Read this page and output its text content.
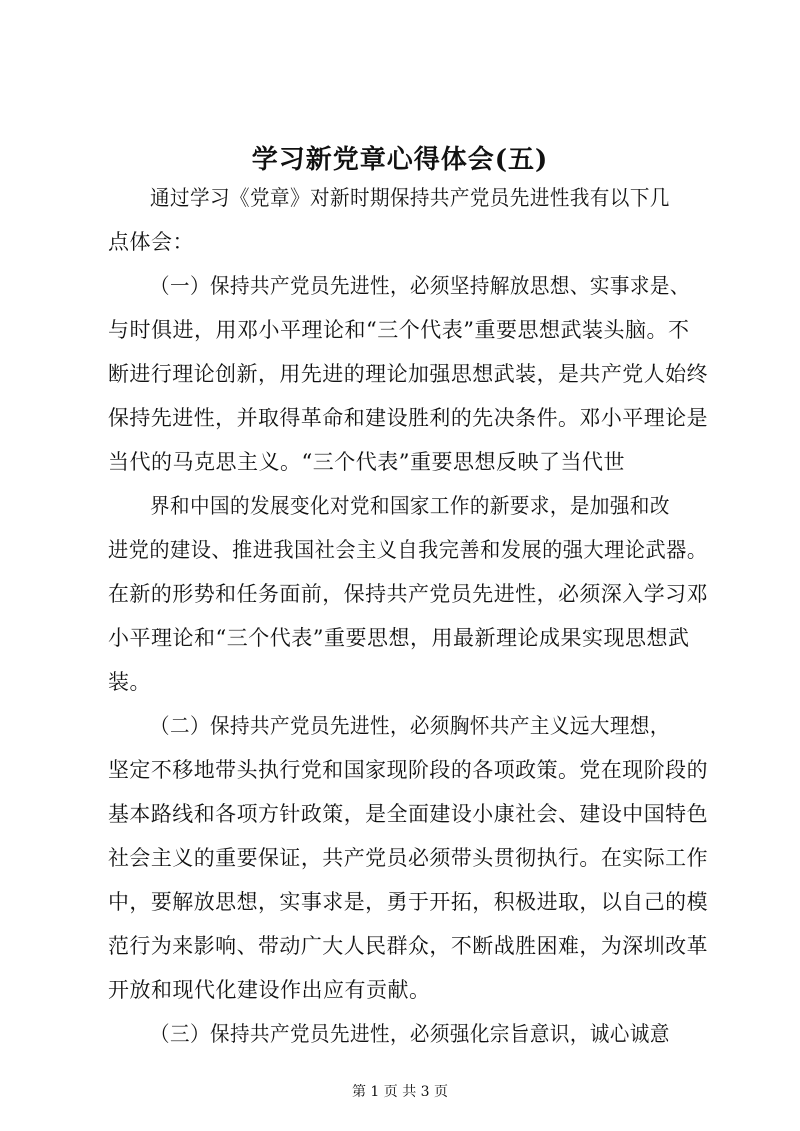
学习新党章心得体会(五)
通过学习《党章》对新时期保持共产党员先进性我有以下几
点体会：
（一）保持共产党员先进性，必须坚持解放思想、实事求是、
与时俱进，用邓小平理论和“三个代表”重要思想武装头脑。不
断进行理论创新，用先进的理论加强思想武装，是共产党人始终
保持先进性，并取得革命和建设胜利的先决条件。邓小平理论是
当代的马克思主义。“三个代表”重要思想反映了当代世
界和中国的发展变化对党和国家工作的新要求，是加强和改
进党的建设、推进我国社会主义自我完善和发展的强大理论武器。
在新的形势和任务面前，保持共产党员先进性，必须深入学习邓
小平理论和“三个代表”重要思想，用最新理论成果实现思想武
装。
（二）保持共产党员先进性，必须胸怀共产主义远大理想，
坚定不移地带头执行党和国家现阶段的各项政策。党在现阶段的
基本路线和各项方针政策，是全面建设小康社会、建设中国特色
社会主义的重要保证，共产党员必须带头贯彻执行。在实际工作
中，要解放思想，实事求是，勇于开拓，积极进取，以自己的模
范行为来影响、带动广大人民群众，不断战胜困难，为深圳改革
开放和现代化建设作出应有贡献。
（三）保持共产党员先进性，必须强化宗旨意识，诚心诚意
第 1 页 共 3 页
